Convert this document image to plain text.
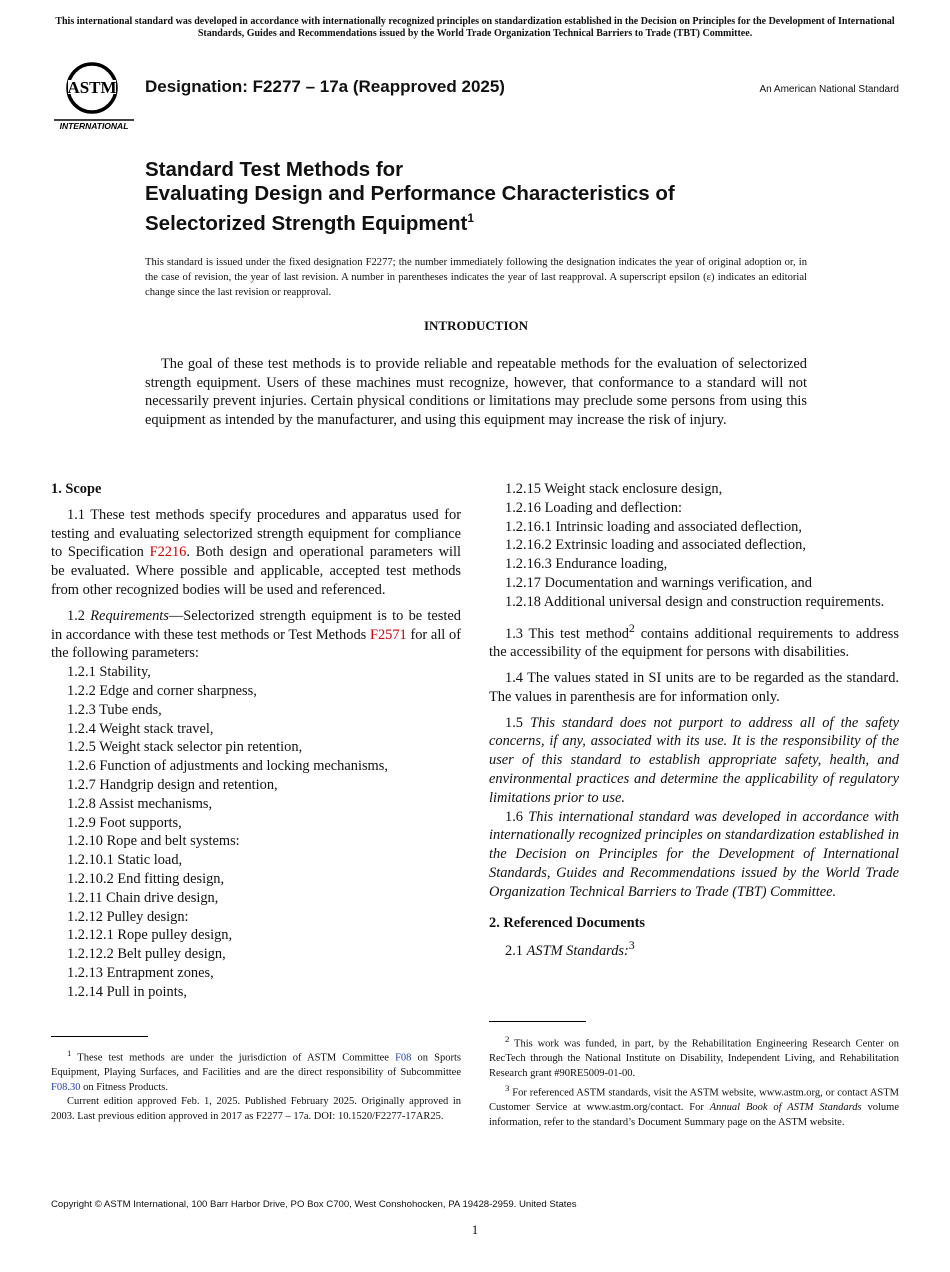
This international standard was developed in accordance with internationally recognized principles on standardization established in the Decision on Principles for the Development of International Standards, Guides and Recommendations issued by the World Trade Organization Technical Barriers to Trade (TBT) Committee.
ASTM
INTERNATIONAL
Designation: F2277 – 17a (Reapproved 2025)	An American National Standard
Standard Test Methods for
Evaluating Design and Performance Characteristics of
Selectorized Strength Equipment$^1$
This standard is issued under the fixed designation F2277; the number immediately following the designation indicates the year of original adoption or, in the case of revision, the year of last revision. A number in parentheses indicates the year of last reapproval. A superscript epsilon (ε) indicates an editorial change since the last revision or reapproval.
INTRODUCTION
The goal of these test methods is to provide reliable and repeatable methods for the evaluation of selectorized strength equipment. Users of these machines must recognize, however, that conformance to a standard will not necessarily prevent injuries. Certain physical conditions or limitations may preclude some persons from using this equipment as intended by the manufacturer, and using this equipment may increase the risk of injury.
1. Scope

1.1 These test methods specify procedures and apparatus used for testing and evaluating selectorized strength equipment for compliance to Specification F2216. Both design and operational parameters will be evaluated. Where possible and applicable, accepted test methods from other recognized bodies will be used and referenced.

1.2 Requirements—Selectorized strength equipment is to be tested in accordance with these test methods or Test Methods F2571 for all of the following parameters:

1.2.1 Stability,

1.2.2 Edge and corner sharpness,

1.2.3 Tube ends,

1.2.4 Weight stack travel,

1.2.5 Weight stack selector pin retention,

1.2.6 Function of adjustments and locking mechanisms,

1.2.7 Handgrip design and retention,

1.2.8 Assist mechanisms,

1.2.9 Foot supports,

1.2.10 Rope and belt systems:

1.2.10.1 Static load,

1.2.10.2 End fitting design,

1.2.11 Chain drive design,

1.2.12 Pulley design:

1.2.12.1 Rope pulley design,

1.2.12.2 Belt pulley design,

1.2.13 Entrapment zones,

1.2.14 Pull in points,

1.2.15 Weight stack enclosure design,

1.2.16 Loading and deflection:

1.2.16.1 Intrinsic loading and associated deflection,

1.2.16.2 Extrinsic loading and associated deflection,

1.2.16.3 Endurance loading,

1.2.17 Documentation and warnings verification, and

1.2.18 Additional universal design and construction requirements.

1.3 This test method$^2$ contains additional requirements to address the accessibility of the equipment for persons with disabilities.

1.4 The values stated in SI units are to be regarded as the standard. The values in parenthesis are for information only.

1.5 This standard does not purport to address all of the safety concerns, if any, associated with its use. It is the responsibility of the user of this standard to establish appropriate safety, health, and environmental practices and determine the applicability of regulatory limitations prior to use.

1.6 This international standard was developed in accordance with internationally recognized principles on standardization established in the Decision on Principles for the Development of International Standards, Guides and Recommendations issued by the World Trade Organization Technical Barriers to Trade (TBT) Committee.

2. Referenced Documents

2.1 ASTM Standards:$^3$

$^1$ These test methods are under the jurisdiction of ASTM Committee F08 on Sports Equipment, Playing Surfaces, and Facilities and are the direct responsibility of Subcommittee F08.30 on Fitness Products.

Current edition approved Feb. 1, 2025. Published February 2025. Originally approved in 2003. Last previous edition approved in 2017 as F2277 – 17a. DOI: 10.1520/F2277-17AR25.

$^2$ This work was funded, in part, by the Rehabilitation Engineering Research Center on RecTech through the National Institute on Disability, Independent Living, and Rehabilitation Research grant #90RE5009-01-00.

$^3$ For referenced ASTM standards, visit the ASTM website, www.astm.org, or contact ASTM Customer Service at www.astm.org/contact. For Annual Book of ASTM Standards volume information, refer to the standard’s Document Summary page on the ASTM website.

Copyright © ASTM International, 100 Barr Harbor Drive, PO Box C700, West Conshohocken, PA 19428-2959. United States
1
